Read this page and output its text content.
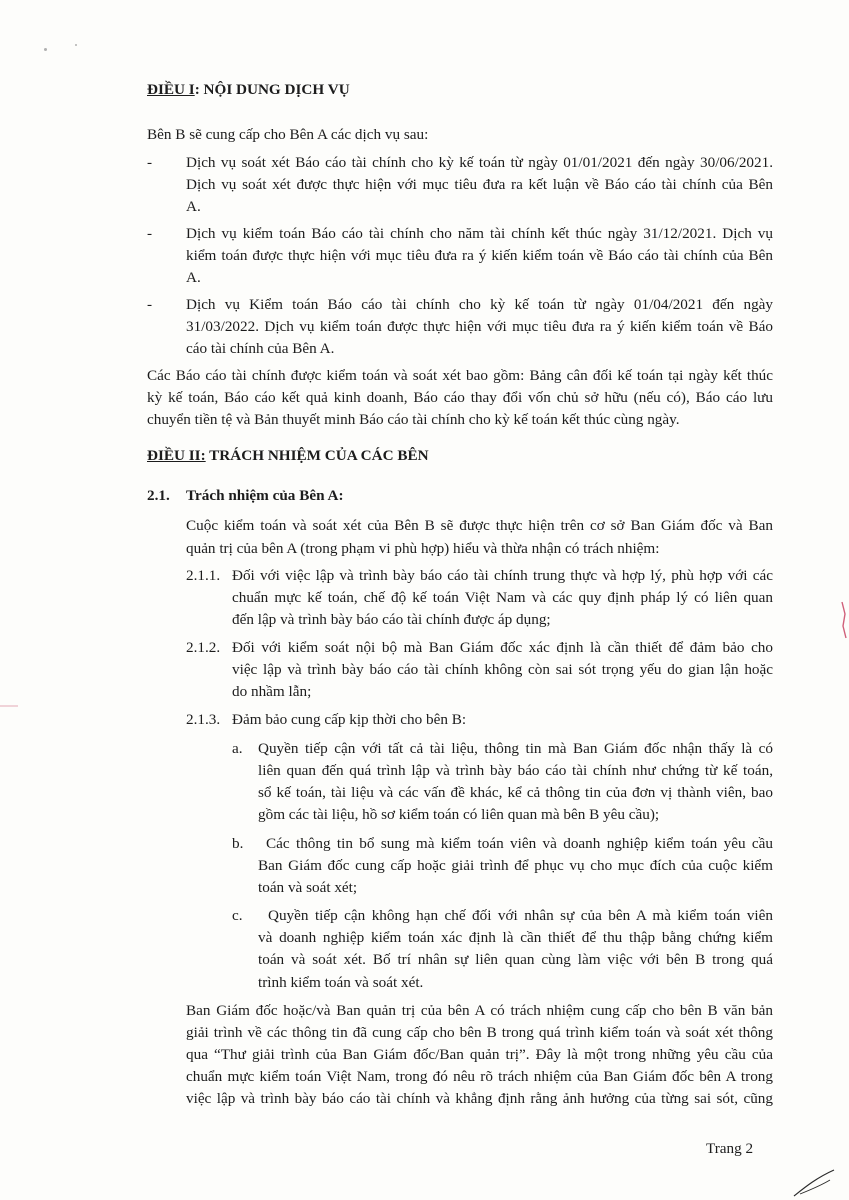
ĐIỀU I: NỘI DUNG DỊCH VỤ
Bên B sẽ cung cấp cho Bên A các dịch vụ sau:
- Dịch vụ soát xét Báo cáo tài chính cho kỳ kế toán từ ngày 01/01/2021 đến ngày 30/06/2021.
Dịch vụ soát xét được thực hiện với mục tiêu đưa ra kết luận về Báo cáo tài chính của Bên
A.
- Dịch vụ kiểm toán Báo cáo tài chính cho năm tài chính kết thúc ngày 31/12/2021. Dịch vụ
kiểm toán được thực hiện với mục tiêu đưa ra ý kiến kiểm toán về Báo cáo tài chính của Bên
A.
- Dịch vụ Kiểm toán Báo cáo tài chính cho kỳ kế toán từ ngày 01/04/2021 đến ngày
31/03/2022. Dịch vụ kiểm toán được thực hiện với mục tiêu đưa ra ý kiến kiểm toán về Báo
cáo tài chính của Bên A.
Các Báo cáo tài chính được kiểm toán và soát xét bao gồm: Bảng cân đối kế toán tại ngày kết thúc
kỳ kế toán, Báo cáo kết quả kinh doanh, Báo cáo thay đổi vốn chủ sở hữu (nếu có), Báo cáo lưu
chuyển tiền tệ và Bản thuyết minh Báo cáo tài chính cho kỳ kế toán kết thúc cùng ngày.
ĐIỀU II: TRÁCH NHIỆM CỦA CÁC BÊN
2.1. Trách nhiệm của Bên A:
Cuộc kiểm toán và soát xét của Bên B sẽ được thực hiện trên cơ sở Ban Giám đốc và Ban
quản trị của bên A (trong phạm vi phù hợp) hiểu và thừa nhận có trách nhiệm:
2.1.1. Đối với việc lập và trình bày báo cáo tài chính trung thực và hợp lý, phù hợp với các
chuẩn mực kế toán, chế độ kế toán Việt Nam và các quy định pháp lý có liên quan
đến lập và trình bày báo cáo tài chính được áp dụng;
2.1.2. Đối với kiểm soát nội bộ mà Ban Giám đốc xác định là cần thiết để đảm bảo cho
việc lập và trình bày báo cáo tài chính không còn sai sót trọng yếu do gian lận hoặc
do nhầm lẫn;
2.1.3. Đảm bảo cung cấp kịp thời cho bên B:
a. Quyền tiếp cận với tất cả tài liệu, thông tin mà Ban Giám đốc nhận thấy là có
liên quan đến quá trình lập và trình bày báo cáo tài chính như chứng từ kế toán,
sổ kế toán, tài liệu và các vấn đề khác, kể cả thông tin của đơn vị thành viên, bao
gồm các tài liệu, hồ sơ kiểm toán có liên quan mà bên B yêu cầu);
b. Các thông tin bổ sung mà kiểm toán viên và doanh nghiệp kiểm toán yêu cầu
Ban Giám đốc cung cấp hoặc giải trình để phục vụ cho mục đích của cuộc kiểm
toán và soát xét;
c. Quyền tiếp cận không hạn chế đối với nhân sự của bên A mà kiểm toán viên
và doanh nghiệp kiểm toán xác định là cần thiết để thu thập bằng chứng kiểm
toán và soát xét. Bố trí nhân sự liên quan cùng làm việc với bên B trong quá
trình kiểm toán và soát xét.
Ban Giám đốc hoặc/và Ban quản trị của bên A có trách nhiệm cung cấp cho bên B văn bản
giải trình về các thông tin đã cung cấp cho bên B trong quá trình kiểm toán và soát xét thông
qua “Thư giải trình của Ban Giám đốc/Ban quản trị”. Đây là một trong những yêu cầu của
chuẩn mực kiểm toán Việt Nam, trong đó nêu rõ trách nhiệm của Ban Giám đốc bên A trong
việc lập và trình bày báo cáo tài chính và khẳng định rằng ảnh hưởng của từng sai sót, cũng
Trang 2
